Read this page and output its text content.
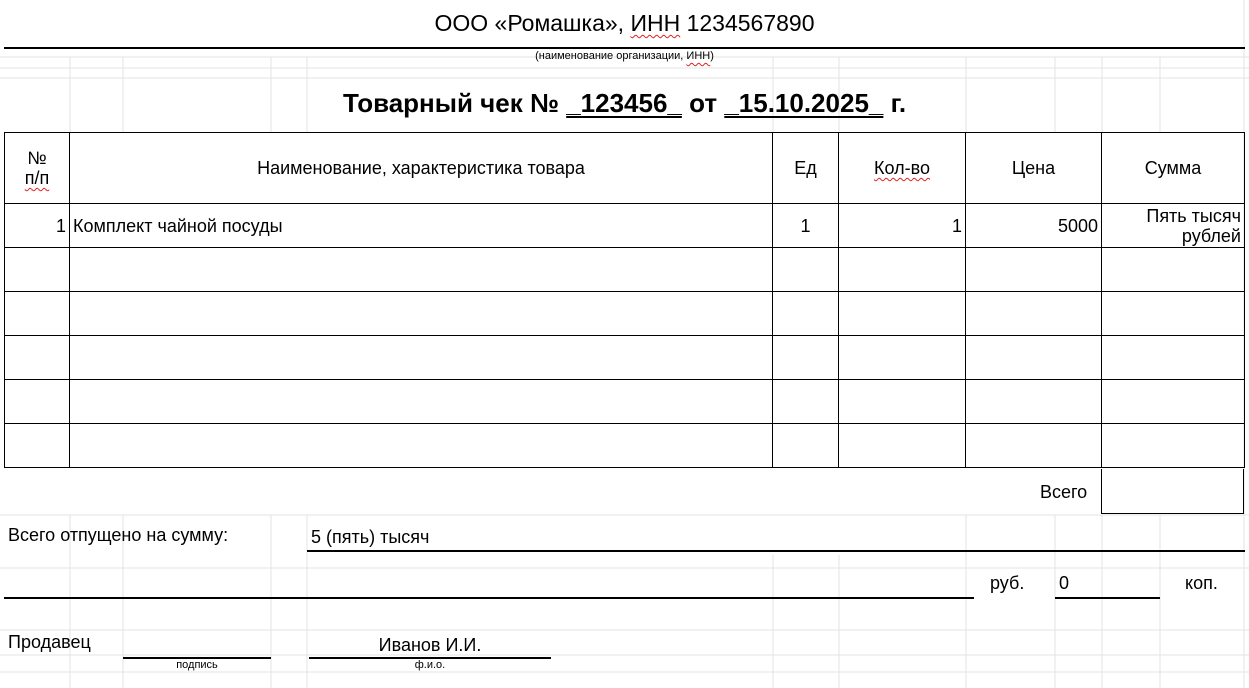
ООО «Ромашка», ИНН 1234567890
(наименование организации, ИНН)
Товарный чек № _123456_ от _15.10.2025_ г.
№
п/п	Наименование, характеристика товара	Ед	Кол-во	Цена	Сумма
1	Комплект чайной посуды	1	1	5000	Пять тысяч
рублей

Всего
Всего отпущено на сумму:	5 (пять) тысяч
руб. 0	коп.
Продавец
подпись
Иванов И.И.
ф.и.о.
